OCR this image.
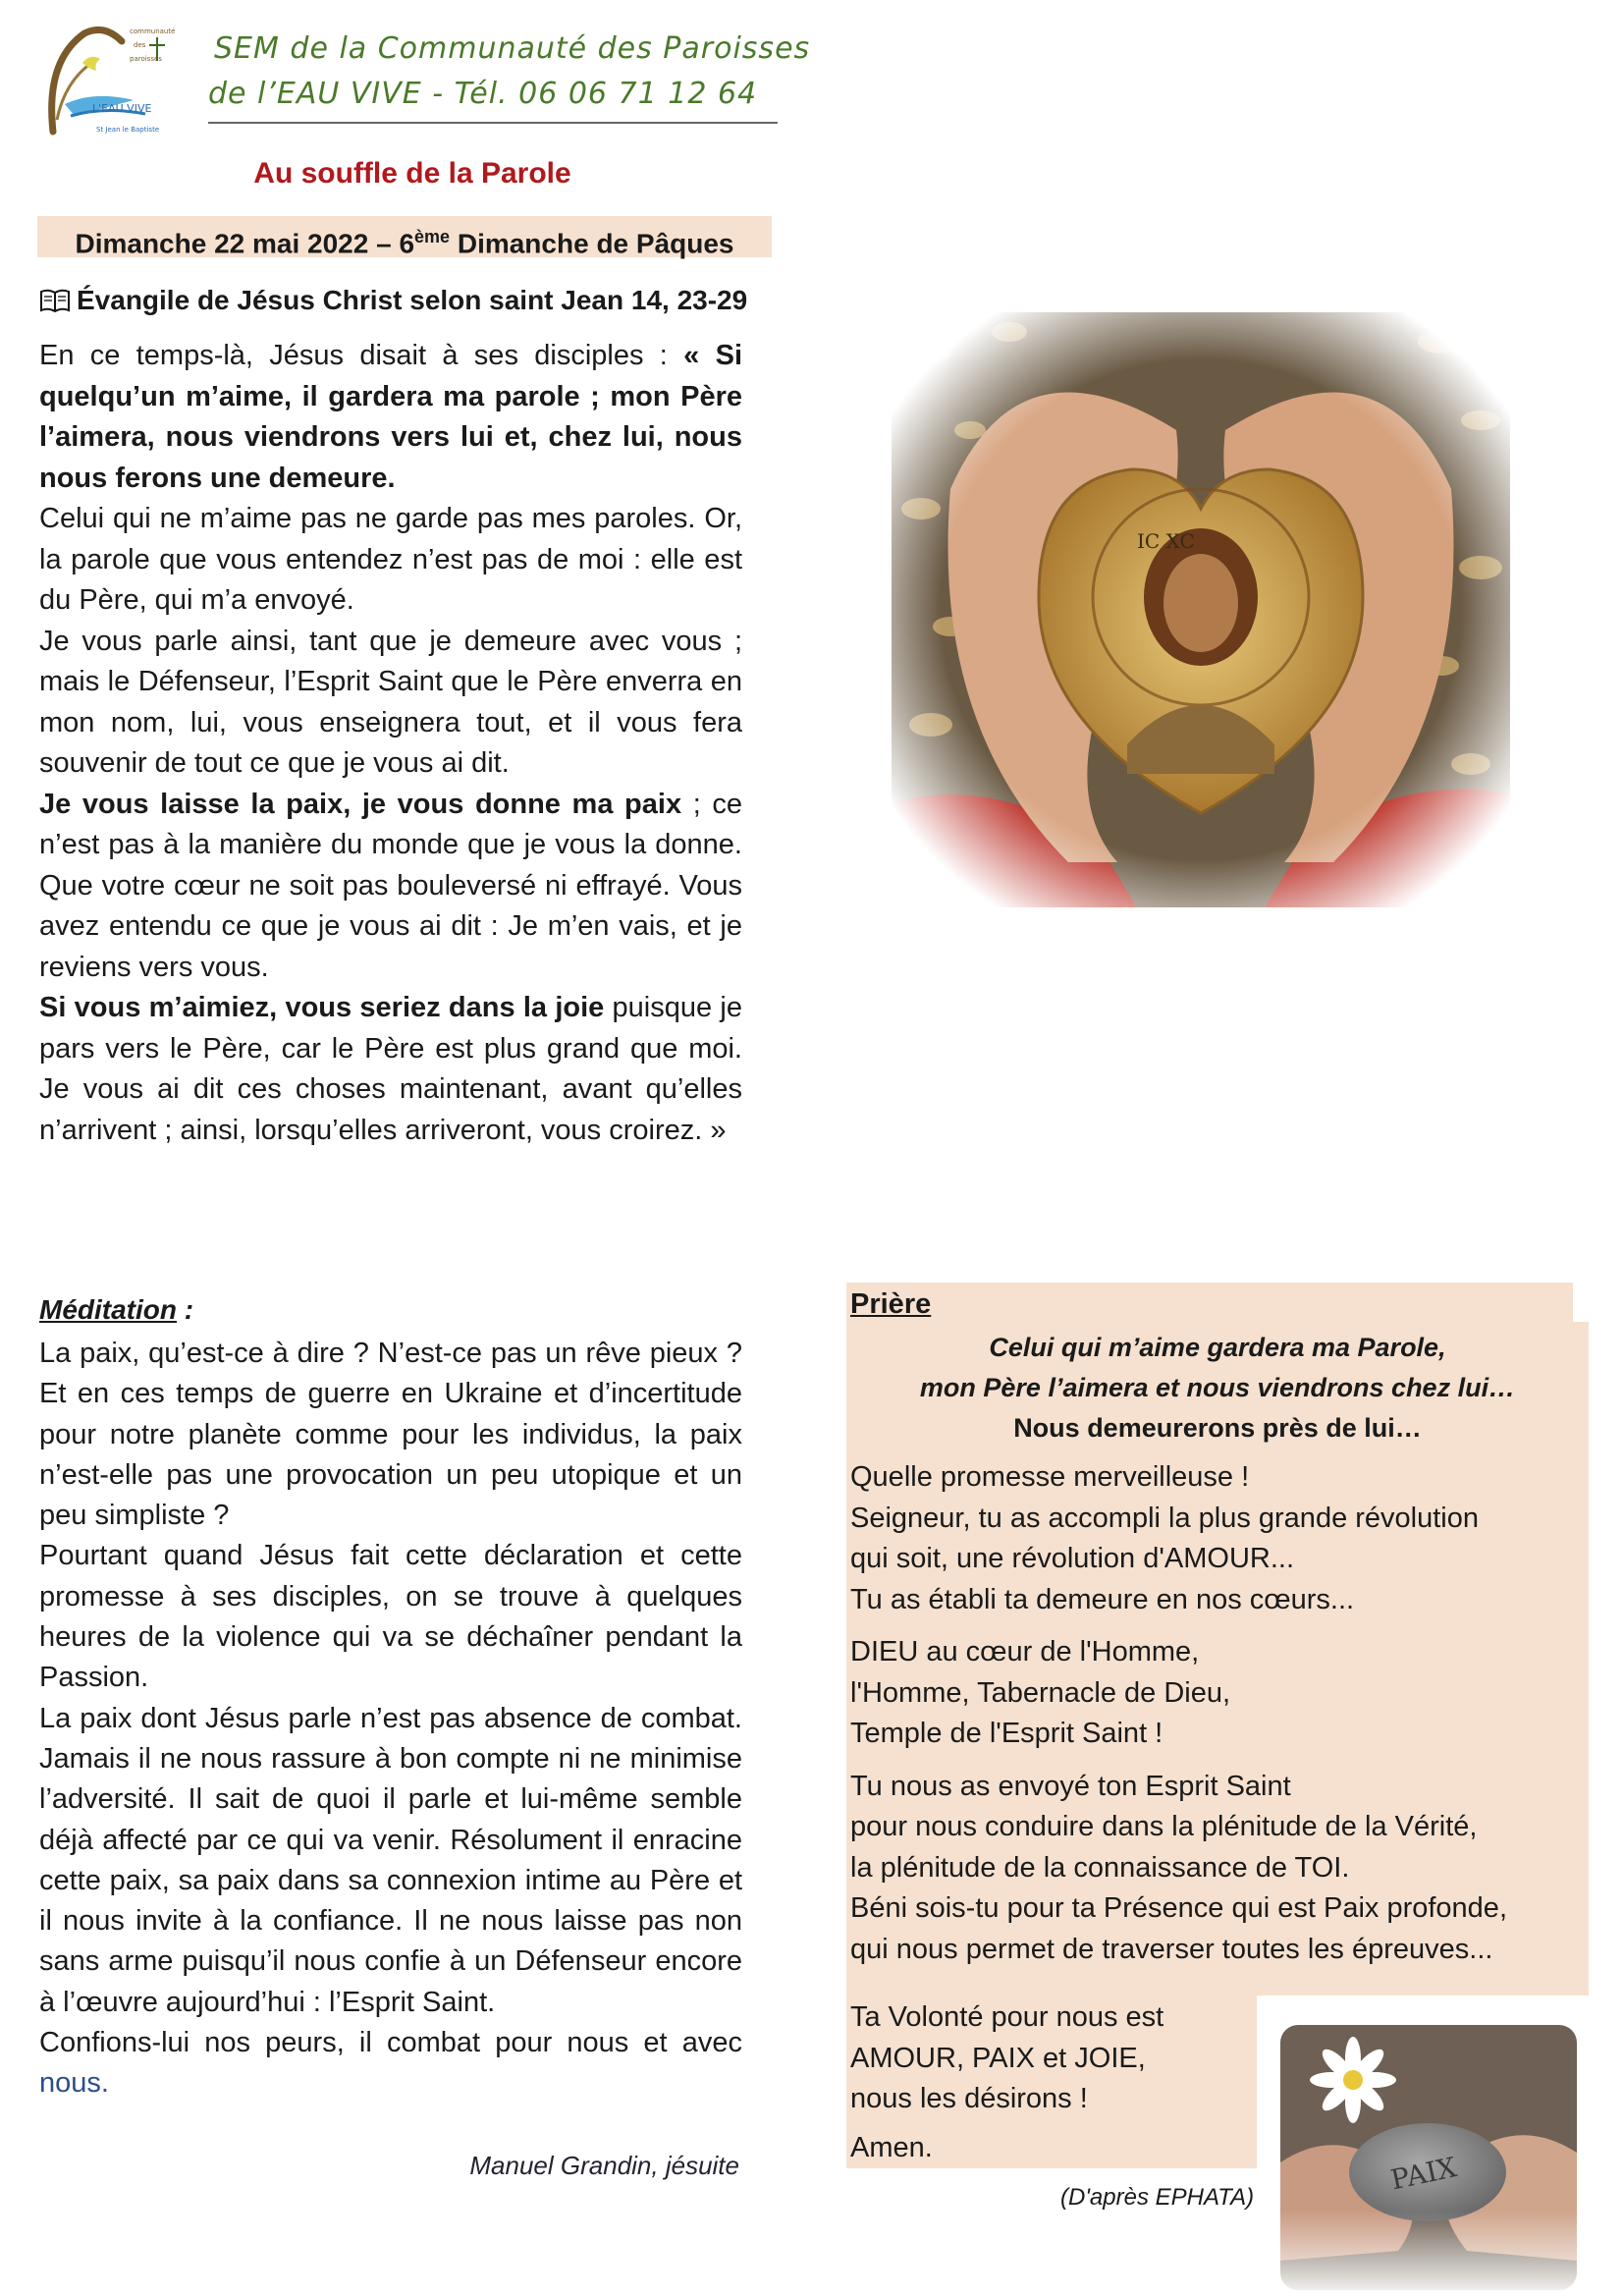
communauté
des
paroisses
L'EAU VIVE
St Jean le Baptiste
SEM de la Communauté des Paroisses
de l’EAU VIVE - Tél. 06 06 71 12 64
Au souffle de la Parole
Dimanche 22 mai 2022 – 6ème Dimanche de Pâques
Évangile de Jésus Christ selon saint Jean 14, 23-29

En ce temps-là, Jésus disait à ses disciples : « Si quelqu’un m’aime, il gardera ma parole ; mon Père l’aimera, nous viendrons vers lui et, chez lui, nous nous ferons une demeure.

Celui qui ne m’aime pas ne garde pas mes paroles. Or, la parole que vous entendez n’est pas de moi : elle est du Père, qui m’a envoyé.

Je vous parle ainsi, tant que je demeure avec vous ; mais le Défenseur, l’Esprit Saint que le Père enverra en mon nom, lui, vous enseignera tout, et il vous fera souvenir de tout ce que je vous ai dit.

Je vous laisse la paix, je vous donne ma paix ; ce n’est pas à la manière du monde que je vous la donne. Que votre cœur ne soit pas bouleversé ni effrayé. Vous avez entendu ce que je vous ai dit : Je m’en vais, et je reviens vers vous.

Si vous m’aimiez, vous seriez dans la joie puisque je pars vers le Père, car le Père est plus grand que moi. Je vous ai dit ces choses maintenant, avant qu’elles n’arrivent ; ainsi, lorsqu’elles arriveront, vous croirez. »

Méditation :

La paix, qu’est-ce à dire ? N’est-ce pas un rêve pieux ? Et en ces temps de guerre en Ukraine et d’incertitude pour notre planète comme pour les individus, la paix n’est-elle pas une provocation un peu utopique et un peu simpliste ?

Pourtant quand Jésus fait cette déclaration et cette promesse à ses disciples, on se trouve à quelques heures de la violence qui va se déchaîner pendant la Passion.

La paix dont Jésus parle n’est pas absence de combat. Jamais il ne nous rassure à bon compte ni ne minimise l’adversité. Il sait de quoi il parle et lui-même semble déjà affecté par ce qui va venir. Résolument il enracine cette paix, sa paix dans sa connexion intime au Père et il nous invite à la confiance. Il ne nous laisse pas non sans arme puisqu’il nous confie à un Défenseur encore à l’œuvre aujourd’hui : l’Esprit Saint.

Confions-lui nos peurs, il combat pour nous et avec nous.

Manuel Grandin, jésuite
Prière
Celui qui m’aime gardera ma Parole,
mon Père l’aimera et nous viendrons chez lui…
Nous demeurerons près de lui…

Quelle promesse merveilleuse !
Seigneur, tu as accompli la plus grande révolution
qui soit, une révolution d'AMOUR...
Tu as établi ta demeure en nos cœurs...

DIEU au cœur de l'Homme,
l'Homme, Tabernacle de Dieu,
Temple de l'Esprit Saint !

Tu nous as envoyé ton Esprit Saint
pour nous conduire dans la plénitude de la Vérité,
la plénitude de la connaissance de TOI.
Béni sois-tu pour ta Présence qui est Paix profonde,
qui nous permet de traverser toutes les épreuves...

Ta Volonté pour nous est
AMOUR, PAIX et JOIE,
nous les désirons !

Amen.

(D'après EPHATA)
